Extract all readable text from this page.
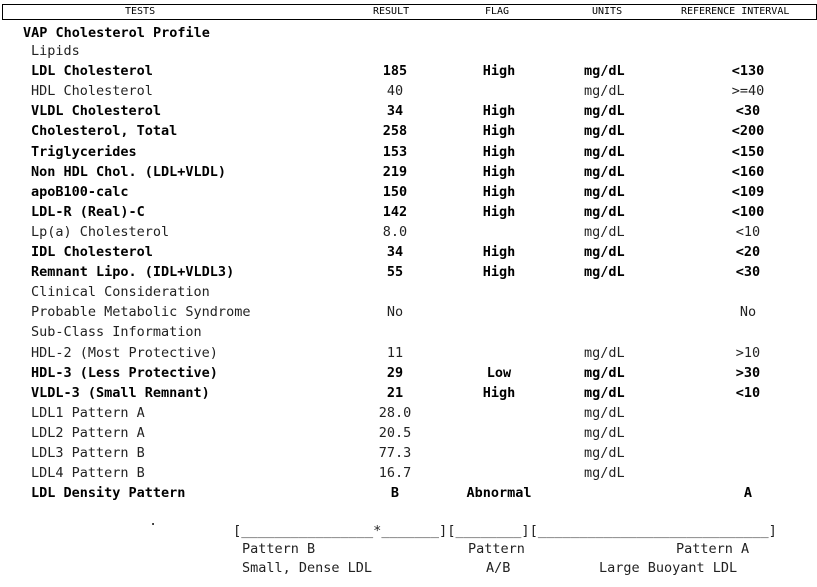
TESTS	RESULT	FLAG	UNITS	REFERENCE INTERVAL
VAP Cholesterol Profile
Lipids
LDL Cholesterol	185	High	mg/dL	<130
HDL Cholesterol	40	mg/dL	>=40
VLDL Cholesterol	34	High	mg/dL	<30
Cholesterol, Total	258	High	mg/dL	<200
Triglycerides	153	High	mg/dL	<150
Non HDL Chol. (LDL+VLDL)	219	High	mg/dL	<160
apoB100-calc	150	High	mg/dL	<109
LDL-R (Real)-C	142	High	mg/dL	<100
Lp(a) Cholesterol	8.0	mg/dL	<10
IDL Cholesterol	34	High	mg/dL	<20
Remnant Lipo. (IDL+VLDL3)	55	High	mg/dL	<30
Clinical Consideration
Probable Metabolic Syndrome	No	No
Sub-Class Information
HDL-2 (Most Protective)	11	mg/dL	>10
HDL-3 (Less Protective)	29	Low	mg/dL	>30
VLDL-3 (Small Remnant)	21	High	mg/dL	<10
LDL1 Pattern A	28.0	mg/dL
LDL2 Pattern A	20.5	mg/dL
LDL3 Pattern B	77.3	mg/dL
LDL4 Pattern B	16.7	mg/dL
LDL Density Pattern	B	Abnormal	A
.
[________________*_______][________][____________________________]
Pattern B
Small, Dense LDL
Pattern
A/B
Pattern A
Large Buoyant LDL
